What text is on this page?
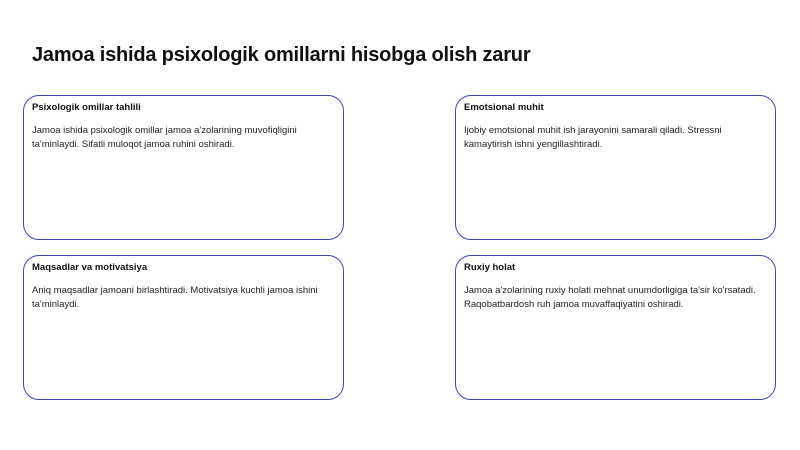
Jamoa ishida psixologik omillarni hisobga olish zarur

Psixologik omillar tahlili

Jamoa ishida psixologik omillar jamoa a'zolarining muvofiqligini ta'minlaydi. Sifatli muloqot jamoa ruhini oshiradi.

Emotsional muhit

Ijobiy emotsional muhit ish jarayonini samarali qiladi. Stressni kamaytirish ishni yengillashtiradi.

Maqsadlar va motivatsiya

Aniq maqsadlar jamoani birlashtiradi. Motivatsiya kuchli jamoa ishini ta'minlaydi.

Ruxiy holat

Jamoa a'zolarining ruxiy holati mehnat unumdorligiga ta'sir ko'rsatadi. Raqobatbardosh ruh jamoa muvaffaqiyatini oshiradi.
